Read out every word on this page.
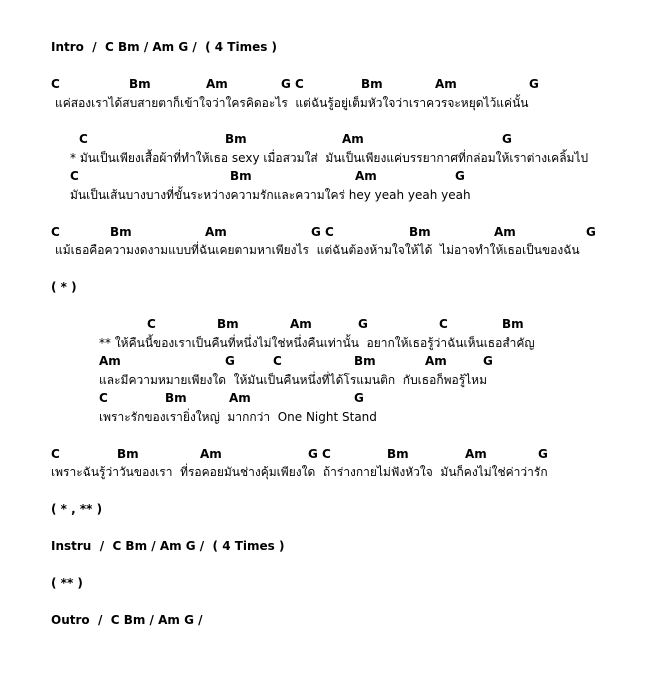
Intro  /  C Bm / Am G /  ( 4 Times )
C	Bm	Am	G C	Bm	Am	G
แค่สองเราได้สบสายตาก็เข้าใจว่าใครคิดอะไร  แต่ฉันรู้อยู่เต็มหัวใจว่าเราควรจะหยุดไว้แค่นั้น
C	Bm	Am	G
* มันเป็นเพียงเสื้อผ้าที่ทำให้เธอ sexy เมื่อสวมใส่  มันเป็นเพียงแค่บรรยากาศที่กล่อมให้เราต่างเคลิ้มไป
C	Bm	Am	G
มันเป็นเส้นบางบางที่ขั้นระหว่างความรักและความใคร่ hey yeah yeah yeah
C	Bm	Am	G C	Bm	Am	G
แม้เธอคือความงดงามแบบที่ฉันเคยตามหาเพียงไร  แต่ฉันต้องห้ามใจให้ได้  ไม่อาจทำให้เธอเป็นของฉัน
( * )
C	Bm	Am	G	C	Bm
** ให้คืนนี้ของเราเป็นคืนที่หนึ่งไม่ใช่หนึ่งคืนเท่านั้น  อยากให้เธอรู้ว่าฉันเห็นเธอสำคัญ
Am	G	C	Bm	Am	G
และมีความหมายเพียงใด  ให้มันเป็นคืนหนึ่งที่ได้โรแมนติก  กับเธอก็พอรู้ไหม
C	Bm	Am	G
เพราะรักของเรายิ่งใหญ่  มากกว่า  One Night Stand
C	Bm	Am	G C	Bm	Am	G
เพราะฉันรู้ว่าวันของเรา  ที่รอคอยมันช่างคุ้มเพียงใด  ถ้าร่างกายไม่ฟังหัวใจ  มันก็คงไม่ใช่ค่าว่ารัก
( * , ** )
Instru  /  C Bm / Am G /  ( 4 Times )
( ** )
Outro  /  C Bm / Am G /
